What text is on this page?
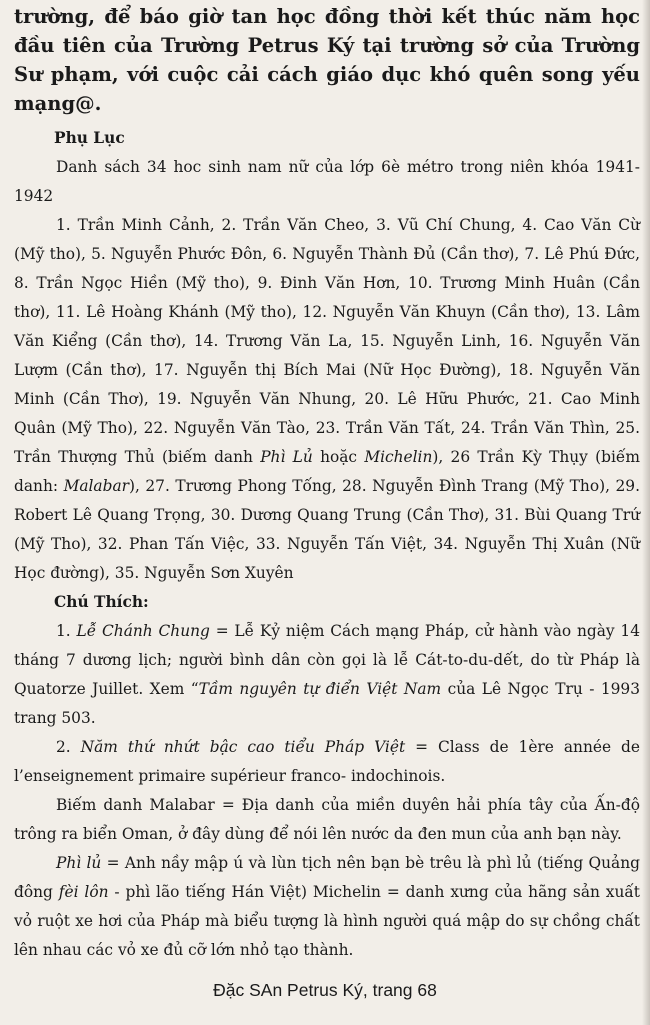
trường, để báo giờ tan học đồng thời kết thúc năm học đầu tiên của Trường Petrus Ký tại trường sở của Trường Sư phạm, với cuộc cải cách giáo dục khó quên song yếu mạng@.

Phụ Lục

Danh sách 34 hoc sinh nam nữ của lớp 6è métro trong niên khóa 1941-1942

1. Trần Minh Cảnh, 2. Trần Văn Cheo, 3. Vũ Chí Chung, 4. Cao Văn Cừ (Mỹ tho), 5. Nguyễn Phước Đôn, 6. Nguyễn Thành Đủ (Cần thơ), 7. Lê Phú Đức, 8. Trần Ngọc Hiền (Mỹ tho), 9. Đinh Văn Hơn, 10. Trương Minh Huân (Cần thơ), 11. Lê Hoàng Khánh (Mỹ tho), 12. Nguyễn Văn Khuyn (Cần thơ), 13. Lâm Văn Kiểng (Cần thơ), 14. Trương Văn La, 15. Nguyễn Linh, 16. Nguyễn Văn Lượm (Cần thơ), 17. Nguyễn thị Bích Mai (Nữ Học Đường), 18. Nguyễn Văn Minh (Cần Thơ), 19. Nguyễn Văn Nhung, 20. Lê Hữu Phước, 21. Cao Minh Quân (Mỹ Tho), 22. Nguyễn Văn Tào, 23. Trần Văn Tất, 24. Trần Văn Thìn, 25. Trần Thượng Thủ (biếm danh Phì Lủ hoặc Michelin), 26 Trần Kỳ Thụy (biếm danh: Malabar), 27. Trương Phong Tống, 28. Nguyễn Đình Trang (Mỹ Tho), 29. Robert Lê Quang Trọng, 30. Dương Quang Trung (Cần Thơ), 31. Bùi Quang Trứ (Mỹ Tho), 32. Phan Tấn Việc, 33. Nguyễn Tấn Việt, 34. Nguyễn Thị Xuân (Nữ Học đường), 35. Nguyễn Sơn Xuyên

Chú Thích:

1. Lễ Chánh Chung = Lễ Kỷ niệm Cách mạng Pháp, cử hành vào ngày 14 tháng 7 dương lịch; người bình dân còn gọi là lễ Cát-to-du-dết, do từ Pháp là Quatorze Juillet. Xem “Tầm nguyên tự điển Việt Nam của Lê Ngọc Trụ - 1993 trang 503.

2. Năm thứ nhứt bậc cao tiểu Pháp Việt = Class de 1ère année de l’enseignement primaire supérieur franco- indochinois.

Biếm danh Malabar = Địa danh của miền duyên hải phía tây của Ấn-độ trông ra biển Oman, ở đây dùng để nói lên nước da đen mun của anh bạn này.

Phì lủ = Anh nầy mập ú và lùn tịch nên bạn bè trêu là phì lủ (tiếng Quảng đông fèi lôn - phì lão tiếng Hán Việt) Michelin = danh xưng của hãng sản xuất vỏ ruột xe hơi của Pháp mà biểu tượng là hình người quá mập do sự chồng chất lên nhau các vỏ xe đủ cỡ lớn nhỏ tạo thành.

Đặc SAn Petrus Ký, trang 68
